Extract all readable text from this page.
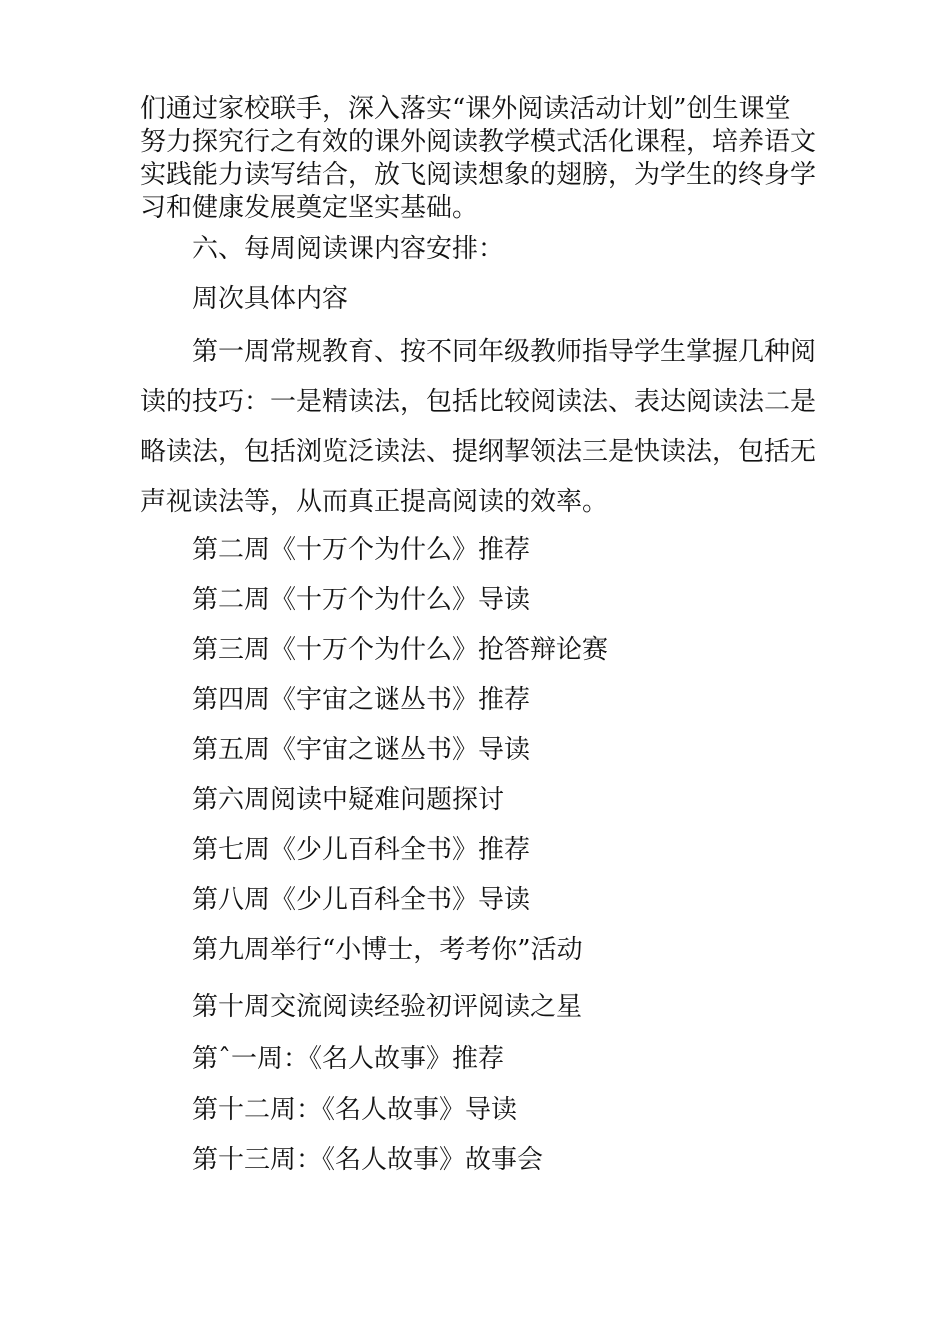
们通过家校联手，深入落实“课外阅读活动计划”创生课堂
努力探究行之有效的课外阅读教学模式活化课程，培养语文
实践能力读写结合，放飞阅读想象的翅膀，为学生的终身学
习和健康发展奠定坚实基础。
六、每周阅读课内容安排：
周次具体内容
第一周常规教育、按不同年级教师指导学生掌握几种阅
读的技巧：一是精读法，包括比较阅读法、表达阅读法二是
略读法，包括浏览泛读法、提纲挈领法三是快读法，包括无
声视读法等，从而真正提高阅读的效率。
第二周《十万个为什么》推荐
第二周《十万个为什么》导读
第三周《十万个为什么》抢答辩论赛
第四周《宇宙之谜丛书》推荐
第五周《宇宙之谜丛书》导读
第六周阅读中疑难问题探讨
第七周《少儿百科全书》推荐
第八周《少儿百科全书》导读
第九周举行“小博士，考考你”活动
第十周交流阅读经验初评阅读之星
第ˆ一周：《名人故事》推荐
第十二周：《名人故事》导读
第十三周：《名人故事》故事会
